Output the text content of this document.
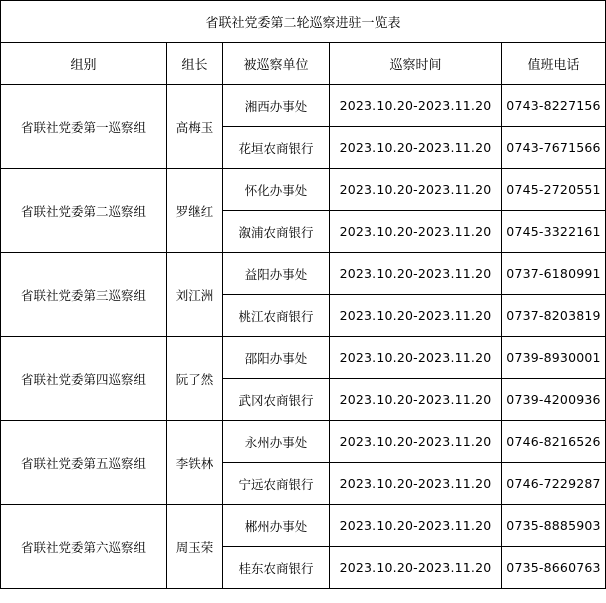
省联社党委第二轮巡察进驻一览表				
组别	组长	被巡察单位	巡察时间	值班电话
省联社党委第一巡察组	高梅玉	湘西办事处	2023.10.20-2023.11.20	0743-8227156
		花垣农商银行	2023.10.20-2023.11.20	0743-7671566
省联社党委第二巡察组	罗继红	怀化办事处	2023.10.20-2023.11.20	0745-2720551
		溆浦农商银行	2023.10.20-2023.11.20	0745-3322161
省联社党委第三巡察组	刘江洲	益阳办事处	2023.10.20-2023.11.20	0737-6180991
		桃江农商银行	2023.10.20-2023.11.20	0737-8203819
省联社党委第四巡察组	阮了然	邵阳办事处	2023.10.20-2023.11.20	0739-8930001
		武冈农商银行	2023.10.20-2023.11.20	0739-4200936
省联社党委第五巡察组	李铁林	永州办事处	2023.10.20-2023.11.20	0746-8216526
		宁远农商银行	2023.10.20-2023.11.20	0746-7229287
省联社党委第六巡察组	周玉荣	郴州办事处	2023.10.20-2023.11.20	0735-8885903
		桂东农商银行	2023.10.20-2023.11.20	0735-8660763
